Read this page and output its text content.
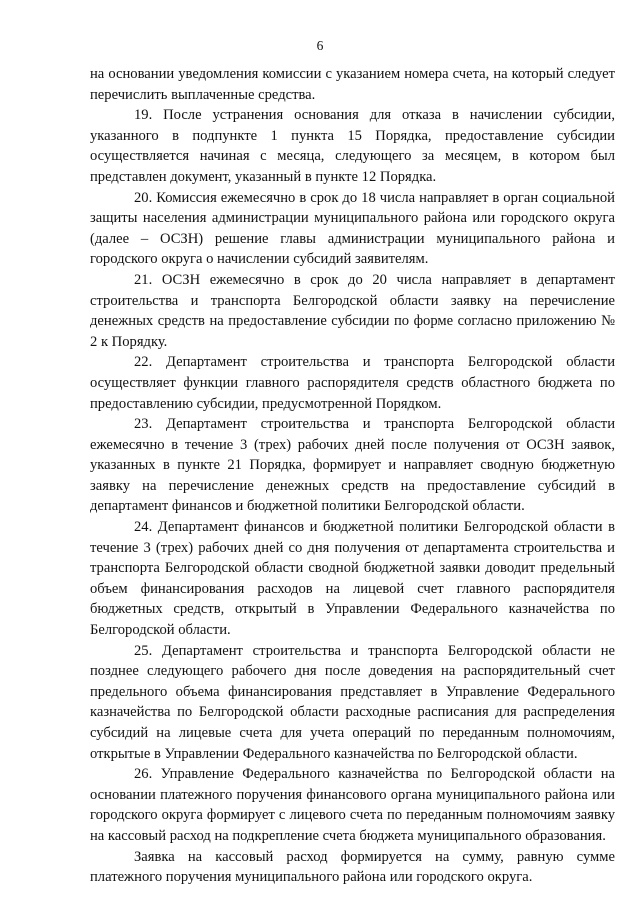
6

на основании уведомления комиссии с указанием номера счета, на который следует перечислить выплаченные средства.

19. После устранения основания для отказа в начислении субсидии, указанного в подпункте 1 пункта 15 Порядка, предоставление субсидии осуществляется начиная с месяца, следующего за месяцем, в котором был представлен документ, указанный в пункте 12 Порядка.

20. Комиссия ежемесячно в срок до 18 числа направляет в орган социальной защиты населения администрации муниципального района или городского округа (далее – ОСЗН) решение главы администрации муниципального района и городского округа о начислении субсидий заявителям.

21. ОСЗН ежемесячно в срок до 20 числа направляет в департамент строительства и транспорта Белгородской области заявку на перечисление денежных средств на предоставление субсидии по форме согласно приложению № 2 к Порядку.

22. Департамент строительства и транспорта Белгородской области осуществляет функции главного распорядителя средств областного бюджета по предоставлению субсидии, предусмотренной Порядком.

23. Департамент строительства и транспорта Белгородской области ежемесячно в течение 3 (трех) рабочих дней после получения от ОСЗН заявок, указанных в пункте 21 Порядка, формирует и направляет сводную бюджетную заявку на перечисление денежных средств на предоставление субсидий в департамент финансов и бюджетной политики Белгородской области.

24. Департамент финансов и бюджетной политики Белгородской области в течение 3 (трех) рабочих дней со дня получения от департамента строительства и транспорта Белгородской области сводной бюджетной заявки доводит предельный объем финансирования расходов на лицевой счет главного распорядителя бюджетных средств, открытый в Управлении Федерального казначейства по Белгородской области.

25. Департамент строительства и транспорта Белгородской области не позднее следующего рабочего дня после доведения на распорядительный счет предельного объема финансирования представляет в Управление Федерального казначейства по Белгородской области расходные расписания для распределения субсидий на лицевые счета для учета операций по переданным полномочиям, открытые в Управлении Федерального казначейства по Белгородской области.

26. Управление Федерального казначейства по Белгородской области на основании платежного поручения финансового органа муниципального района или городского округа формирует с лицевого счета по переданным полномочиям заявку на кассовый расход на подкрепление счета бюджета муниципального образования.

Заявка на кассовый расход формируется на сумму, равную сумме платежного поручения муниципального района или городского округа.
